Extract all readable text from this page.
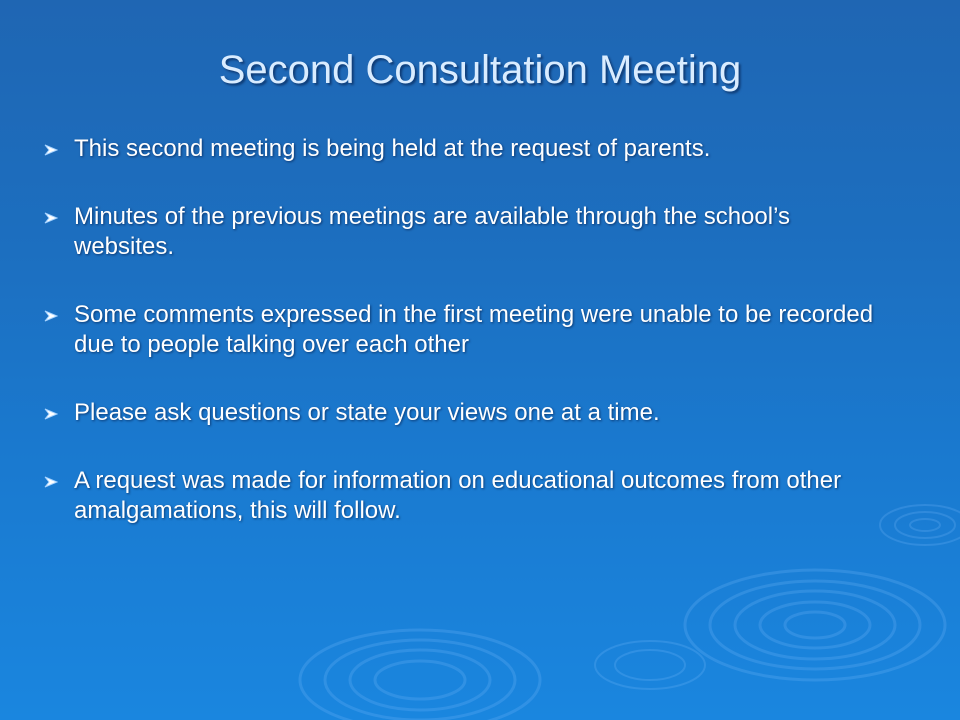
Second Consultation Meeting
This second meeting is being held at the request of parents.
Minutes of the previous meetings are available through the school’s websites.
Some comments expressed in the first meeting were unable to be recorded due to people talking over each other
Please ask questions or state your views one at a time.
A request was made for information on educational outcomes from other amalgamations, this will follow.
